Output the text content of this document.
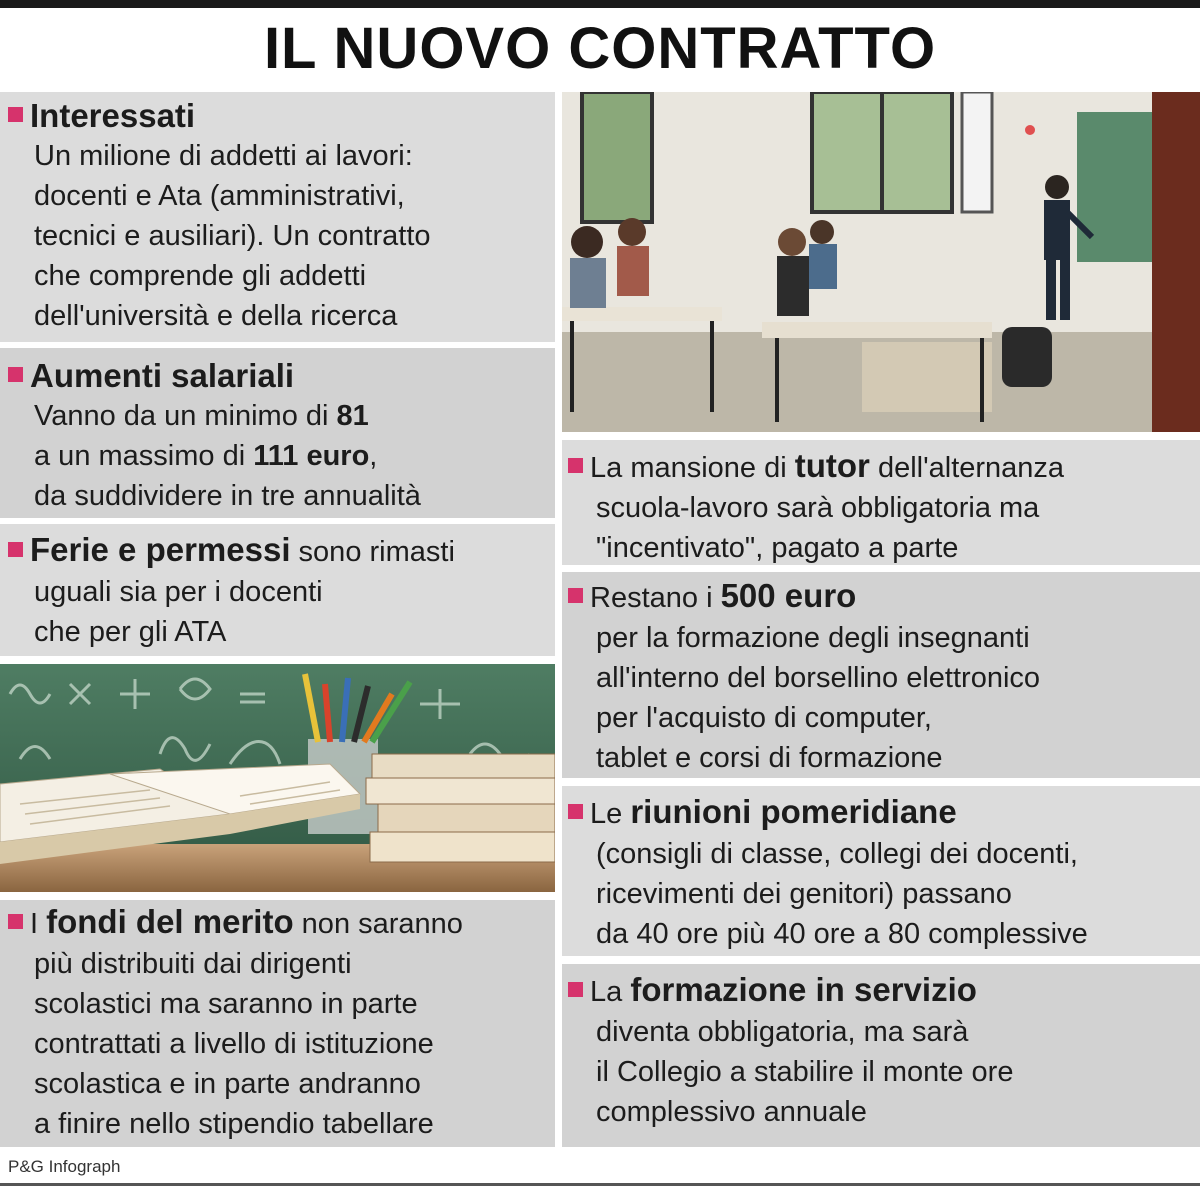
IL NUOVO CONTRATTO
Interessati
Un milione di addetti ai lavori:
docenti e Ata (amministrativi,
tecnici e ausiliari). Un contratto
che comprende gli addetti
dell'università e della ricerca
Aumenti salariali
Vanno da un minimo di 81
a un massimo di 111 euro,
da suddividere in tre annualità
Ferie e permessi sono rimasti
uguali sia per i docenti
che per gli ATA
I fondi del merito non saranno
più distribuiti dai dirigenti
scolastici ma saranno in parte
contrattati a livello di istituzione
scolastica e in parte andranno
a finire nello stipendio tabellare
La mansione di tutor dell'alternanza
scuola-lavoro sarà obbligatoria ma
"incentivato", pagato a parte
Restano i 500 euro
per la formazione degli insegnanti
all'interno del borsellino elettronico
per l'acquisto di computer,
tablet e corsi di formazione
Le riunioni pomeridiane
(consigli di classe, collegi dei docenti,
ricevimenti dei genitori) passano
da 40 ore più 40 ore a 80 complessive
La formazione in servizio
diventa obbligatoria, ma sarà
il Collegio a stabilire il monte ore
complessivo annuale
P&G Infograph
